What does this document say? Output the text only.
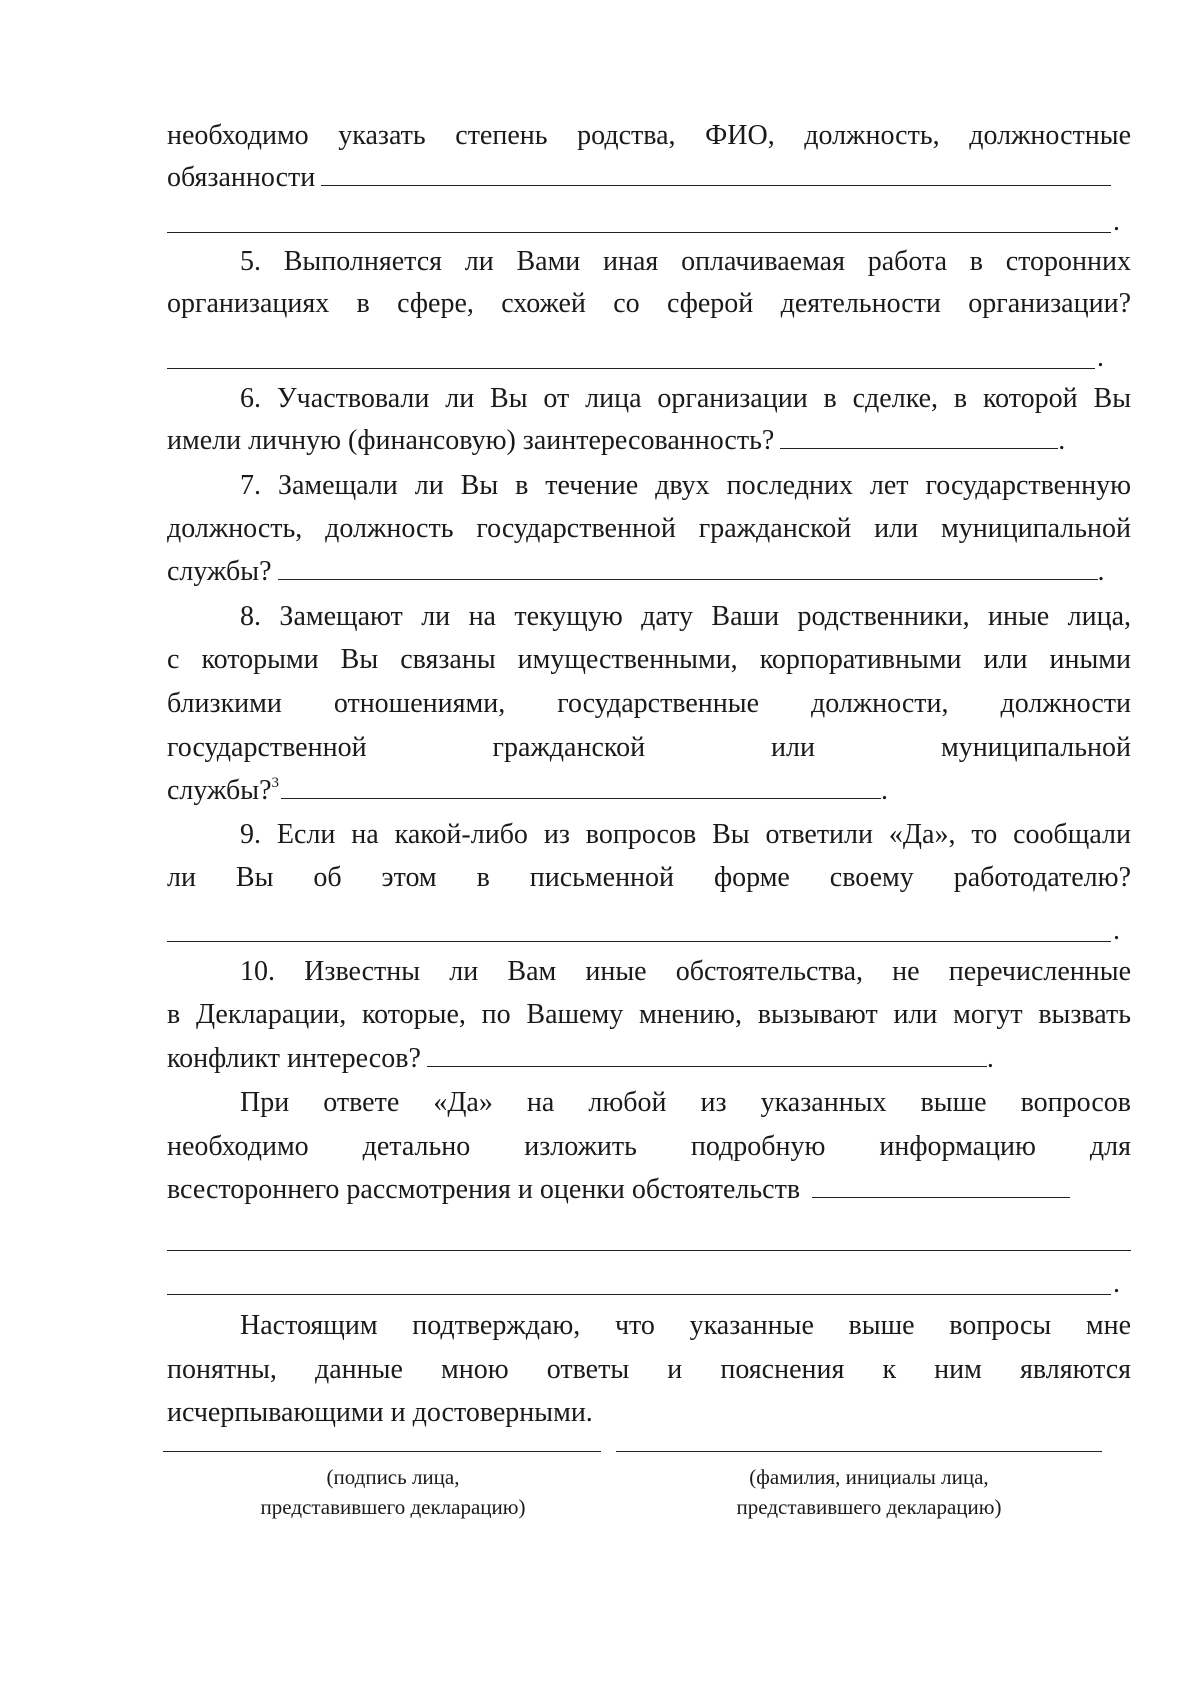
необходимо указать степень родства, ФИО, должность, должностные
обязанности
.
5. Выполняется ли Вами иная оплачиваемая работа в сторонних
организациях в сфере, схожей со сферой деятельности организации?
.
6. Участвовали ли Вы от лица организации в сделке, в которой Вы
имели личную (финансовую) заинтересованность?	.
7. Замещали ли Вы в течение двух последних лет государственную
должность, должность государственной гражданской или муниципальной
службы?	.
8. Замещают ли на текущую дату Ваши родственники, иные лица,
с которыми Вы связаны имущественными, корпоративными или иными
близкими отношениями, государственные должности, должности
государственной гражданской или муниципальной
службы?$^3$	.
9. Если на какой-либо из вопросов Вы ответили «Да», то сообщали
ли Вы об этом в письменной форме своему работодателю?
.
10. Известны ли Вам иные обстоятельства, не перечисленные
в Декларации, которые, по Вашему мнению, вызывают или могут вызвать
конфликт интересов?	.
При ответе «Да» на любой из указанных выше вопросов
необходимо детально изложить подробную информацию для
всестороннего рассмотрения и оценки обстоятельств
.
Настоящим подтверждаю, что указанные выше вопросы мне
понятны, данные мною ответы и пояснения к ним являются
исчерпывающими и достоверными.
(подпись лица,
представившего декларацию)
(фамилия, инициалы лица,
представившего декларацию)
